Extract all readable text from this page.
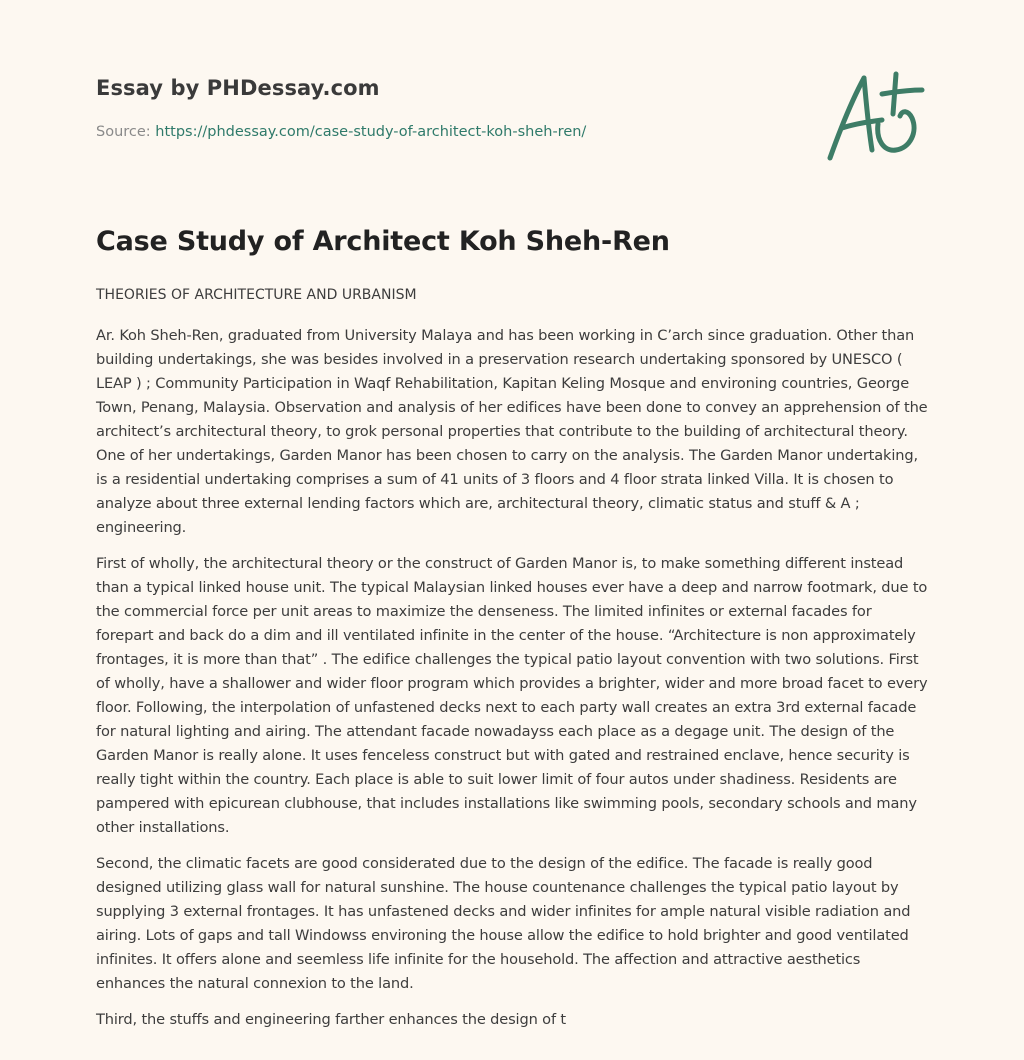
Essay by PHDessay.com
Source: https://phdessay.com/case-study-of-architect-koh-sheh-ren/
Case Study of Architect Koh Sheh-Ren

THEORIES OF ARCHITECTURE AND URBANISM

Ar. Koh Sheh-Ren, graduated from University Malaya and has been working in C’arch since graduation. Other than building undertakings, she was besides involved in a preservation research undertaking sponsored by UNESCO ( LEAP ) ; Community Participation in Waqf Rehabilitation, Kapitan Keling Mosque and environing countries, George Town, Penang, Malaysia. Observation and analysis of her edifices have been done to convey an apprehension of the architect’s architectural theory, to grok personal properties that contribute to the building of architectural theory. One of her undertakings, Garden Manor has been chosen to carry on the analysis. The Garden Manor undertaking, is a residential undertaking comprises a sum of 41 units of 3 floors and 4 floor strata linked Villa. It is chosen to analyze about three external lending factors which are, architectural theory, climatic status and stuff & A ; engineering.

First of wholly, the architectural theory or the construct of Garden Manor is, to make something different instead than a typical linked house unit. The typical Malaysian linked houses ever have a deep and narrow footmark, due to the commercial force per unit areas to maximize the denseness. The limited infinites or external facades for forepart and back do a dim and ill ventilated infinite in the center of the house. “Architecture is non approximately frontages, it is more than that” . The edifice challenges the typical patio layout convention with two solutions. First of wholly, have a shallower and wider floor program which provides a brighter, wider and more broad facet to every floor. Following, the interpolation of unfastened decks next to each party wall creates an extra 3rd external facade for natural lighting and airing. The attendant facade nowadayss each place as a degage unit. The design of the Garden Manor is really alone. It uses fenceless construct but with gated and restrained enclave, hence security is really tight within the country. Each place is able to suit lower limit of four autos under shadiness. Residents are pampered with epicurean clubhouse, that includes installations like swimming pools, secondary schools and many other installations.

Second, the climatic facets are good considerated due to the design of the edifice. The facade is really good designed utilizing glass wall for natural sunshine. The house countenance challenges the typical patio layout by supplying 3 external frontages. It has unfastened decks and wider infinites for ample natural visible radiation and airing. Lots of gaps and tall Windowss environing the house allow the edifice to hold brighter and good ventilated infinites. It offers alone and seemless life infinite for the household. The affection and attractive aesthetics enhances the natural connexion to the land.

Third, the stuffs and engineering farther enhances the design of t
